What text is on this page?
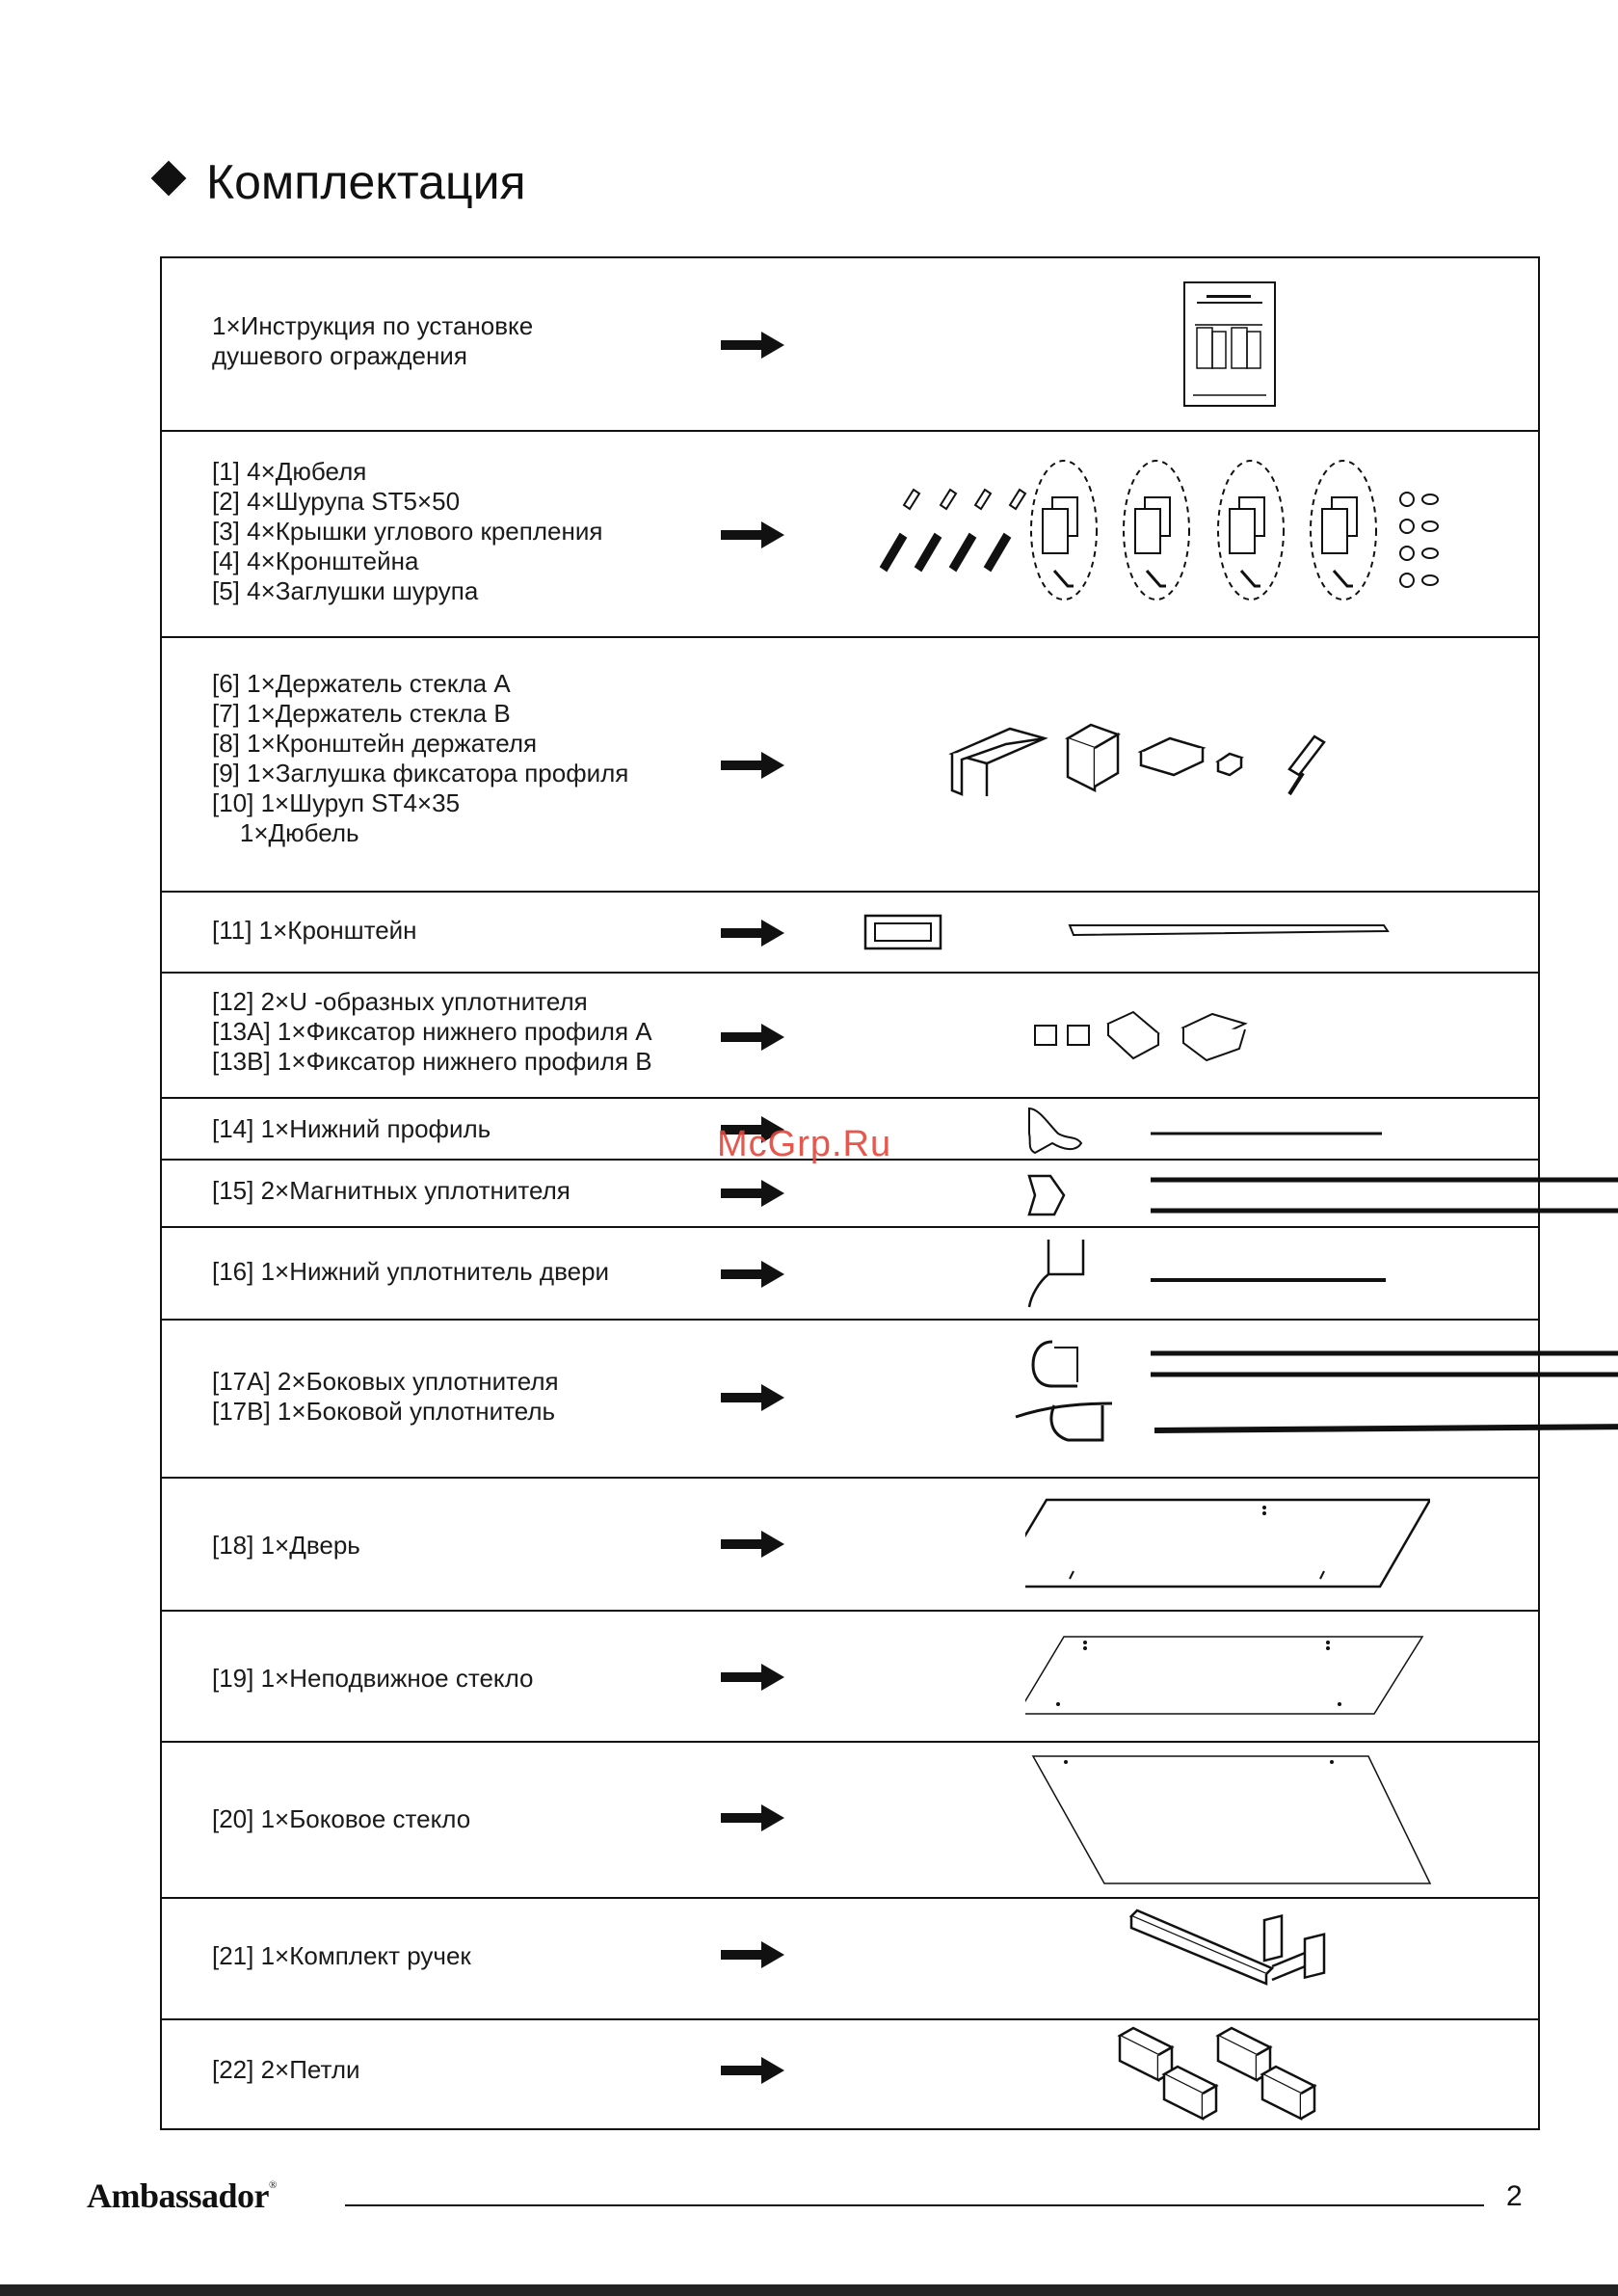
Комплектация
1×Инструкция по установке
душевого ограждения
[1] 4×Дюбеля
[2] 4×Шурупа ST5×50
[3] 4×Крышки углового крепления
[4] 4×Кронштейна
[5] 4×Заглушки шурупа
[6] 1×Держатель стекла A
[7] 1×Держатель стекла B
[8] 1×Кронштейн держателя
[9] 1×Заглушка фиксатора профиля
[10] 1×Шуруп ST4×35
1×Дюбель
[11] 1×Кронштейн
[12] 2×U -образных уплотнителя
[13A] 1×Фиксатор нижнего профиля A
[13B] 1×Фиксатор нижнего профиля B
[14] 1×Нижний профиль
[15] 2×Магнитных уплотнителя
[16] 1×Нижний уплотнитель двери
[17A] 2×Боковых уплотнителя
[17B] 1×Боковой уплотнитель
[18] 1×Дверь
[19] 1×Неподвижное стекло
[20] 1×Боковое стекло
[21] 1×Комплект ручек
[22] 2×Петли
McGrp.Ru
Ambassador®	2
